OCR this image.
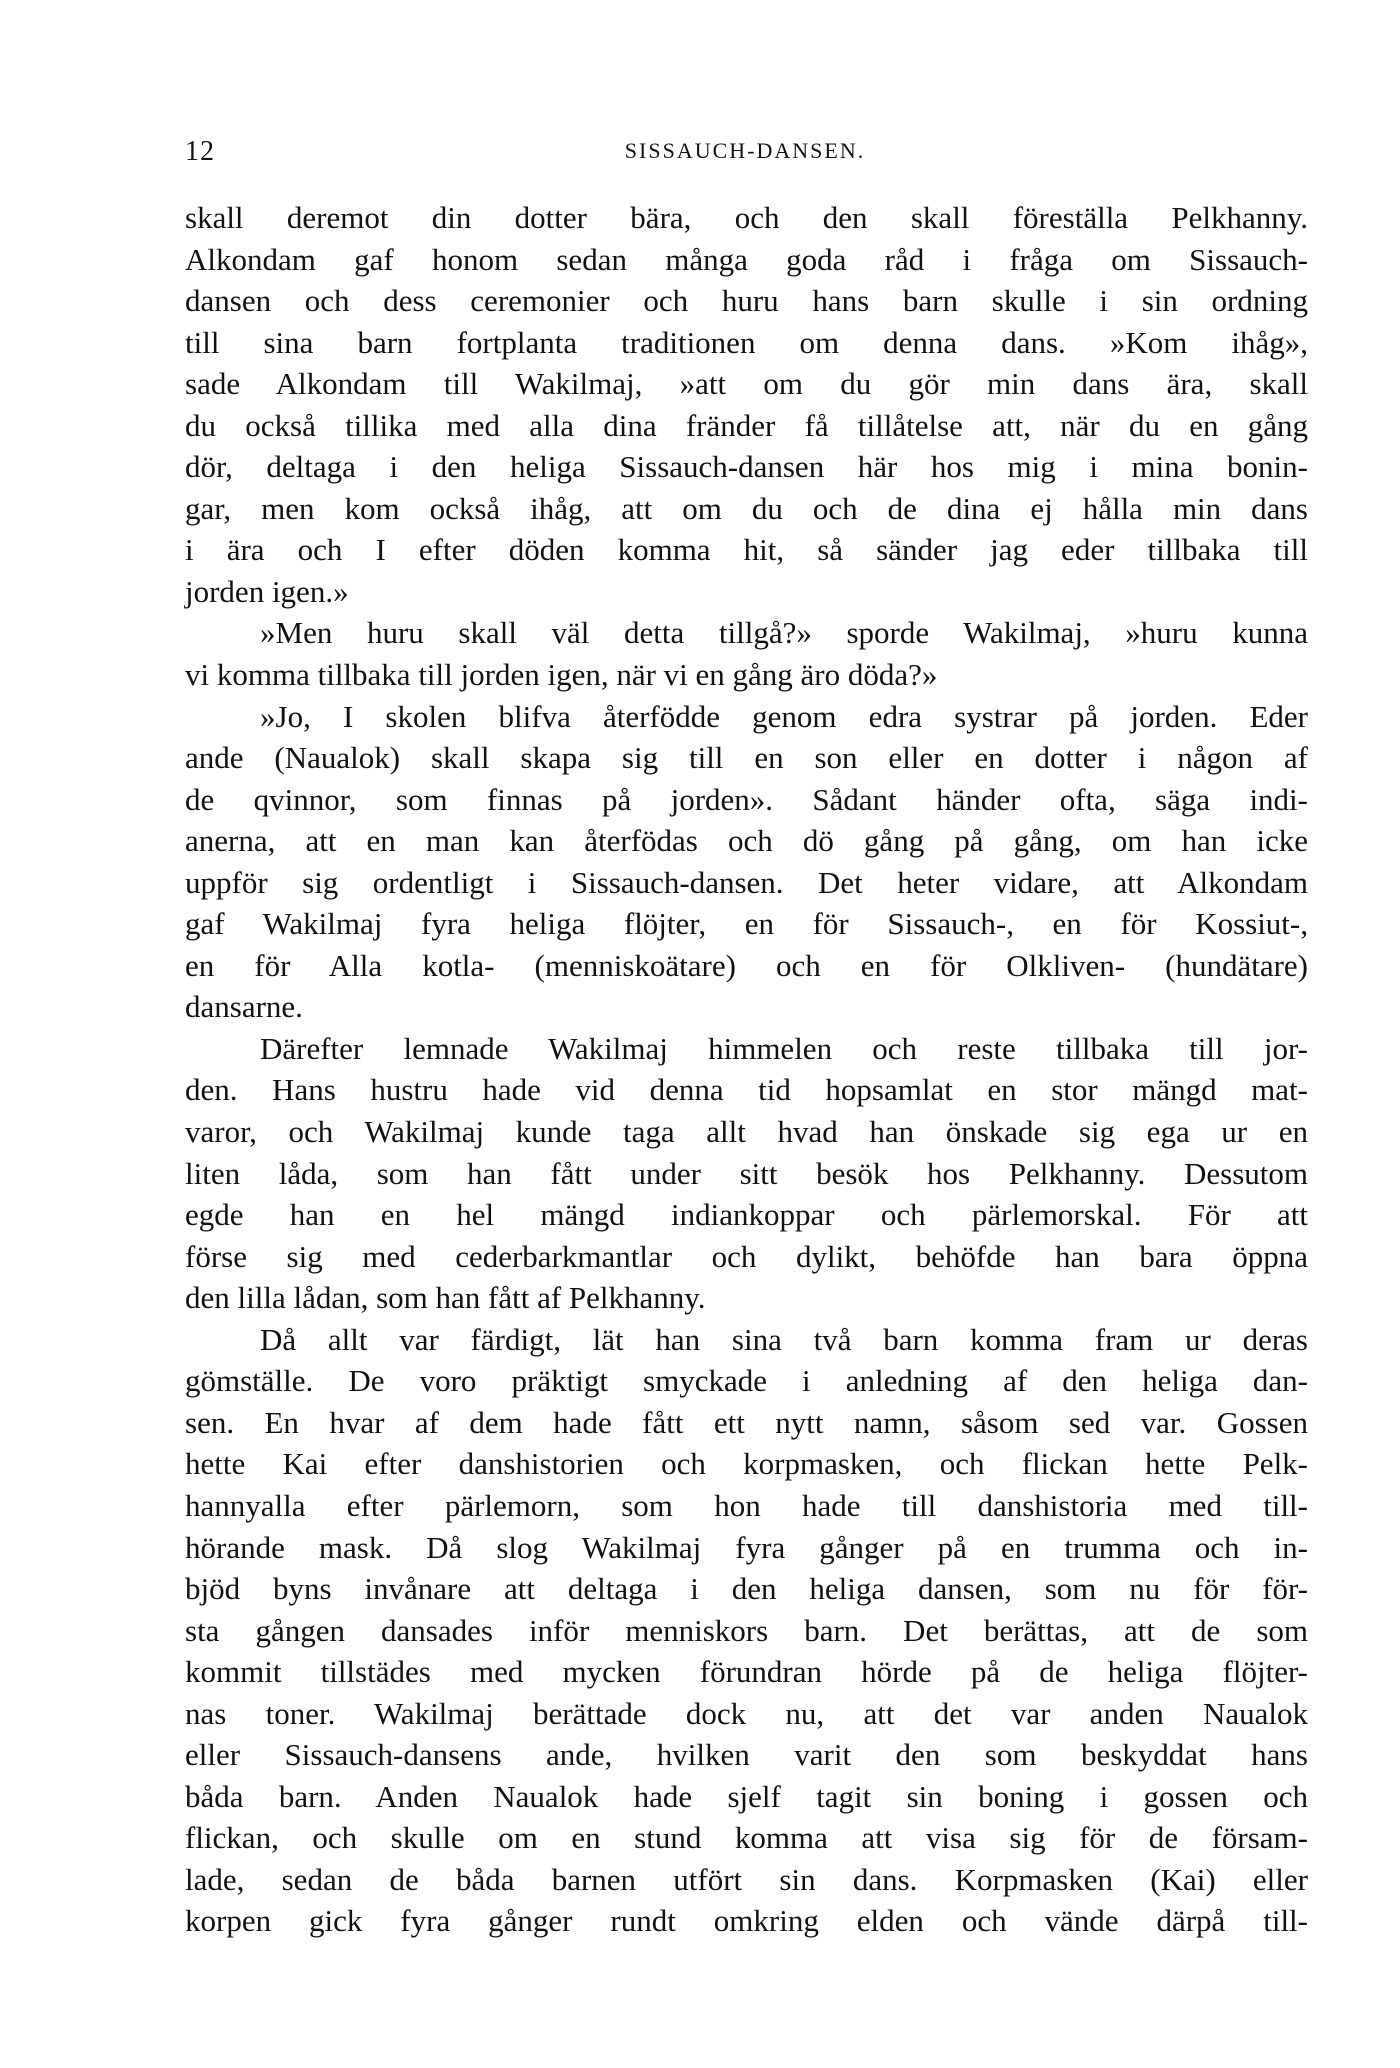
12	SISSAUCH-DANSEN.
skall deremot din dotter bära, och den skall föreställa Pelkhanny.
Alkondam gaf honom sedan många goda råd i fråga om Sissauch-
dansen och dess ceremonier och huru hans barn skulle i sin ordning
till sina barn fortplanta traditionen om denna dans. »Kom ihåg»,
sade Alkondam till Wakilmaj, »att om du gör min dans ära, skall
du också tillika med alla dina fränder få tillåtelse att, när du en gång
dör, deltaga i den heliga Sissauch-dansen här hos mig i mina bonin-
gar, men kom också ihåg, att om du och de dina ej hålla min dans
i ära och I efter döden komma hit, så sänder jag eder tillbaka till
jorden igen.»
»Men huru skall väl detta tillgå?» sporde Wakilmaj, »huru kunna
vi komma tillbaka till jorden igen, när vi en gång äro döda?»
»Jo, I skolen blifva återfödde genom edra systrar på jorden. Eder
ande (Naualok) skall skapa sig till en son eller en dotter i någon af
de qvinnor, som finnas på jorden». Sådant händer ofta, säga indi-
anerna, att en man kan återfödas och dö gång på gång, om han icke
uppför sig ordentligt i Sissauch-dansen. Det heter vidare, att Alkondam
gaf Wakilmaj fyra heliga flöjter, en för Sissauch-, en för Kossiut-,
en för Alla kotla- (menniskoätare) och en för Olkliven- (hundätare)
dansarne.
Därefter lemnade Wakilmaj himmelen och reste tillbaka till jor-
den. Hans hustru hade vid denna tid hopsamlat en stor mängd mat-
varor, och Wakilmaj kunde taga allt hvad han önskade sig ega ur en
liten låda, som han fått under sitt besök hos Pelkhanny. Dessutom
egde han en hel mängd indiankoppar och pärlemorskal. För att
förse sig med cederbarkmantlar och dylikt, behöfde han bara öppna
den lilla lådan, som han fått af Pelkhanny.
Då allt var färdigt, lät han sina två barn komma fram ur deras
gömställe. De voro präktigt smyckade i anledning af den heliga dan-
sen. En hvar af dem hade fått ett nytt namn, såsom sed var. Gossen
hette Kai efter danshistorien och korpmasken, och flickan hette Pelk-
hannyalla efter pärlemorn, som hon hade till danshistoria med till-
hörande mask. Då slog Wakilmaj fyra gånger på en trumma och in-
bjöd byns invånare att deltaga i den heliga dansen, som nu för för-
sta gången dansades inför menniskors barn. Det berättas, att de som
kommit tillstädes med mycken förundran hörde på de heliga flöjter-
nas toner. Wakilmaj berättade dock nu, att det var anden Naualok
eller Sissauch-dansens ande, hvilken varit den som beskyddat hans
båda barn. Anden Naualok hade sjelf tagit sin boning i gossen och
flickan, och skulle om en stund komma att visa sig för de försam-
lade, sedan de båda barnen utfört sin dans. Korpmasken (Kai) eller
korpen gick fyra gånger rundt omkring elden och vände därpå till-
